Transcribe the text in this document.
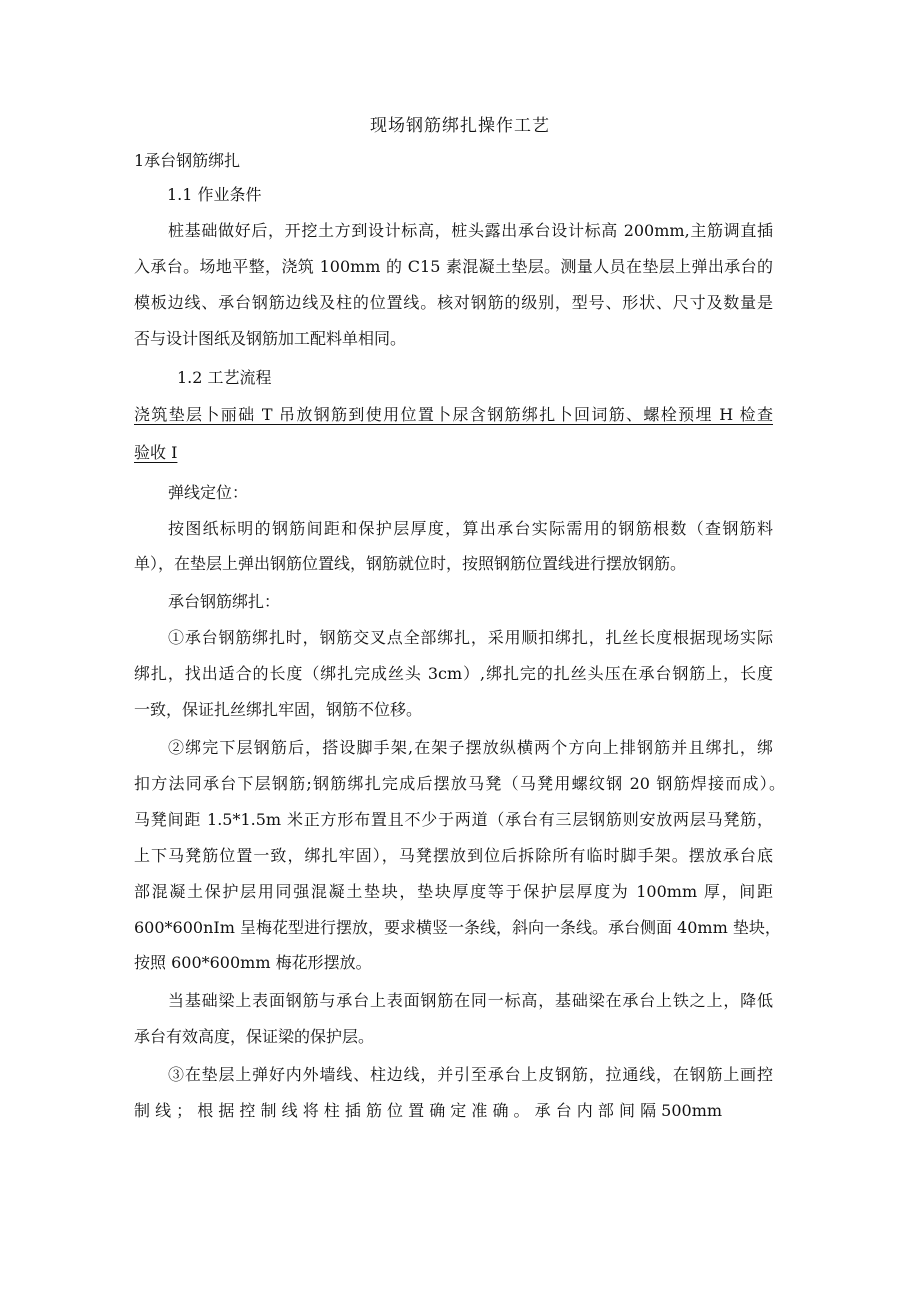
现场钢筋绑扎操作工艺
1承台钢筋绑扎
1.1 作业条件
桩基础做好后，开挖土方到设计标高，桩头露出承台设计标高 200mm,主筋调直插
入承台。场地平整，浇筑 100mm 的 C15 素混凝土垫层。测量人员在垫层上弹出承台的
模板边线、承台钢筋边线及柱的位置线。核对钢筋的级别，型号、形状、尺寸及数量是
否与设计图纸及钢筋加工配料单相同。
1.2 工艺流程
浇筑垫层卜丽础 T 吊放钢筋到使用位置卜尿含钢筋绑扎卜回词筋、螺栓预埋 H 检查
验收 I
弹线定位：
按图纸标明的钢筋间距和保护层厚度，算出承台实际需用的钢筋根数（查钢筋料
单），在垫层上弹出钢筋位置线，钢筋就位时，按照钢筋位置线进行摆放钢筋。
承台钢筋绑扎：
①承台钢筋绑扎时，钢筋交叉点全部绑扎，采用顺扣绑扎，扎丝长度根据现场实际
绑扎，找出适合的长度（绑扎完成丝头 3cm）,绑扎完的扎丝头压在承台钢筋上，长度
一致，保证扎丝绑扎牢固，钢筋不位移。
②绑完下层钢筋后，搭设脚手架,在架子摆放纵横两个方向上排钢筋并且绑扎，绑
扣方法同承台下层钢筋;钢筋绑扎完成后摆放马凳（马凳用螺纹钢 20 钢筋焊接而成）。
马凳间距 1.5*1.5m 米正方形布置且不少于两道（承台有三层钢筋则安放两层马凳筋，
上下马凳筋位置一致，绑扎牢固），马凳摆放到位后拆除所有临时脚手架。摆放承台底
部混凝土保护层用同强混凝土垫块，垫块厚度等于保护层厚度为 100mm 厚，间距
600*600nIm 呈梅花型进行摆放，要求横竖一条线，斜向一条线。承台侧面 40mm 垫块，
按照 600*600mm 梅花形摆放。
当基础梁上表面钢筋与承台上表面钢筋在同一标高，基础梁在承台上铁之上，降低
承台有效高度，保证梁的保护层。
③在垫层上弹好内外墙线、柱边线，并引至承台上皮钢筋，拉通线，在钢筋上画控
制 线 ； 根 据 控 制 线 将 柱 插 筋 位 置 确 定 准 确 。 承 台 内 部 间 隔 500mm
